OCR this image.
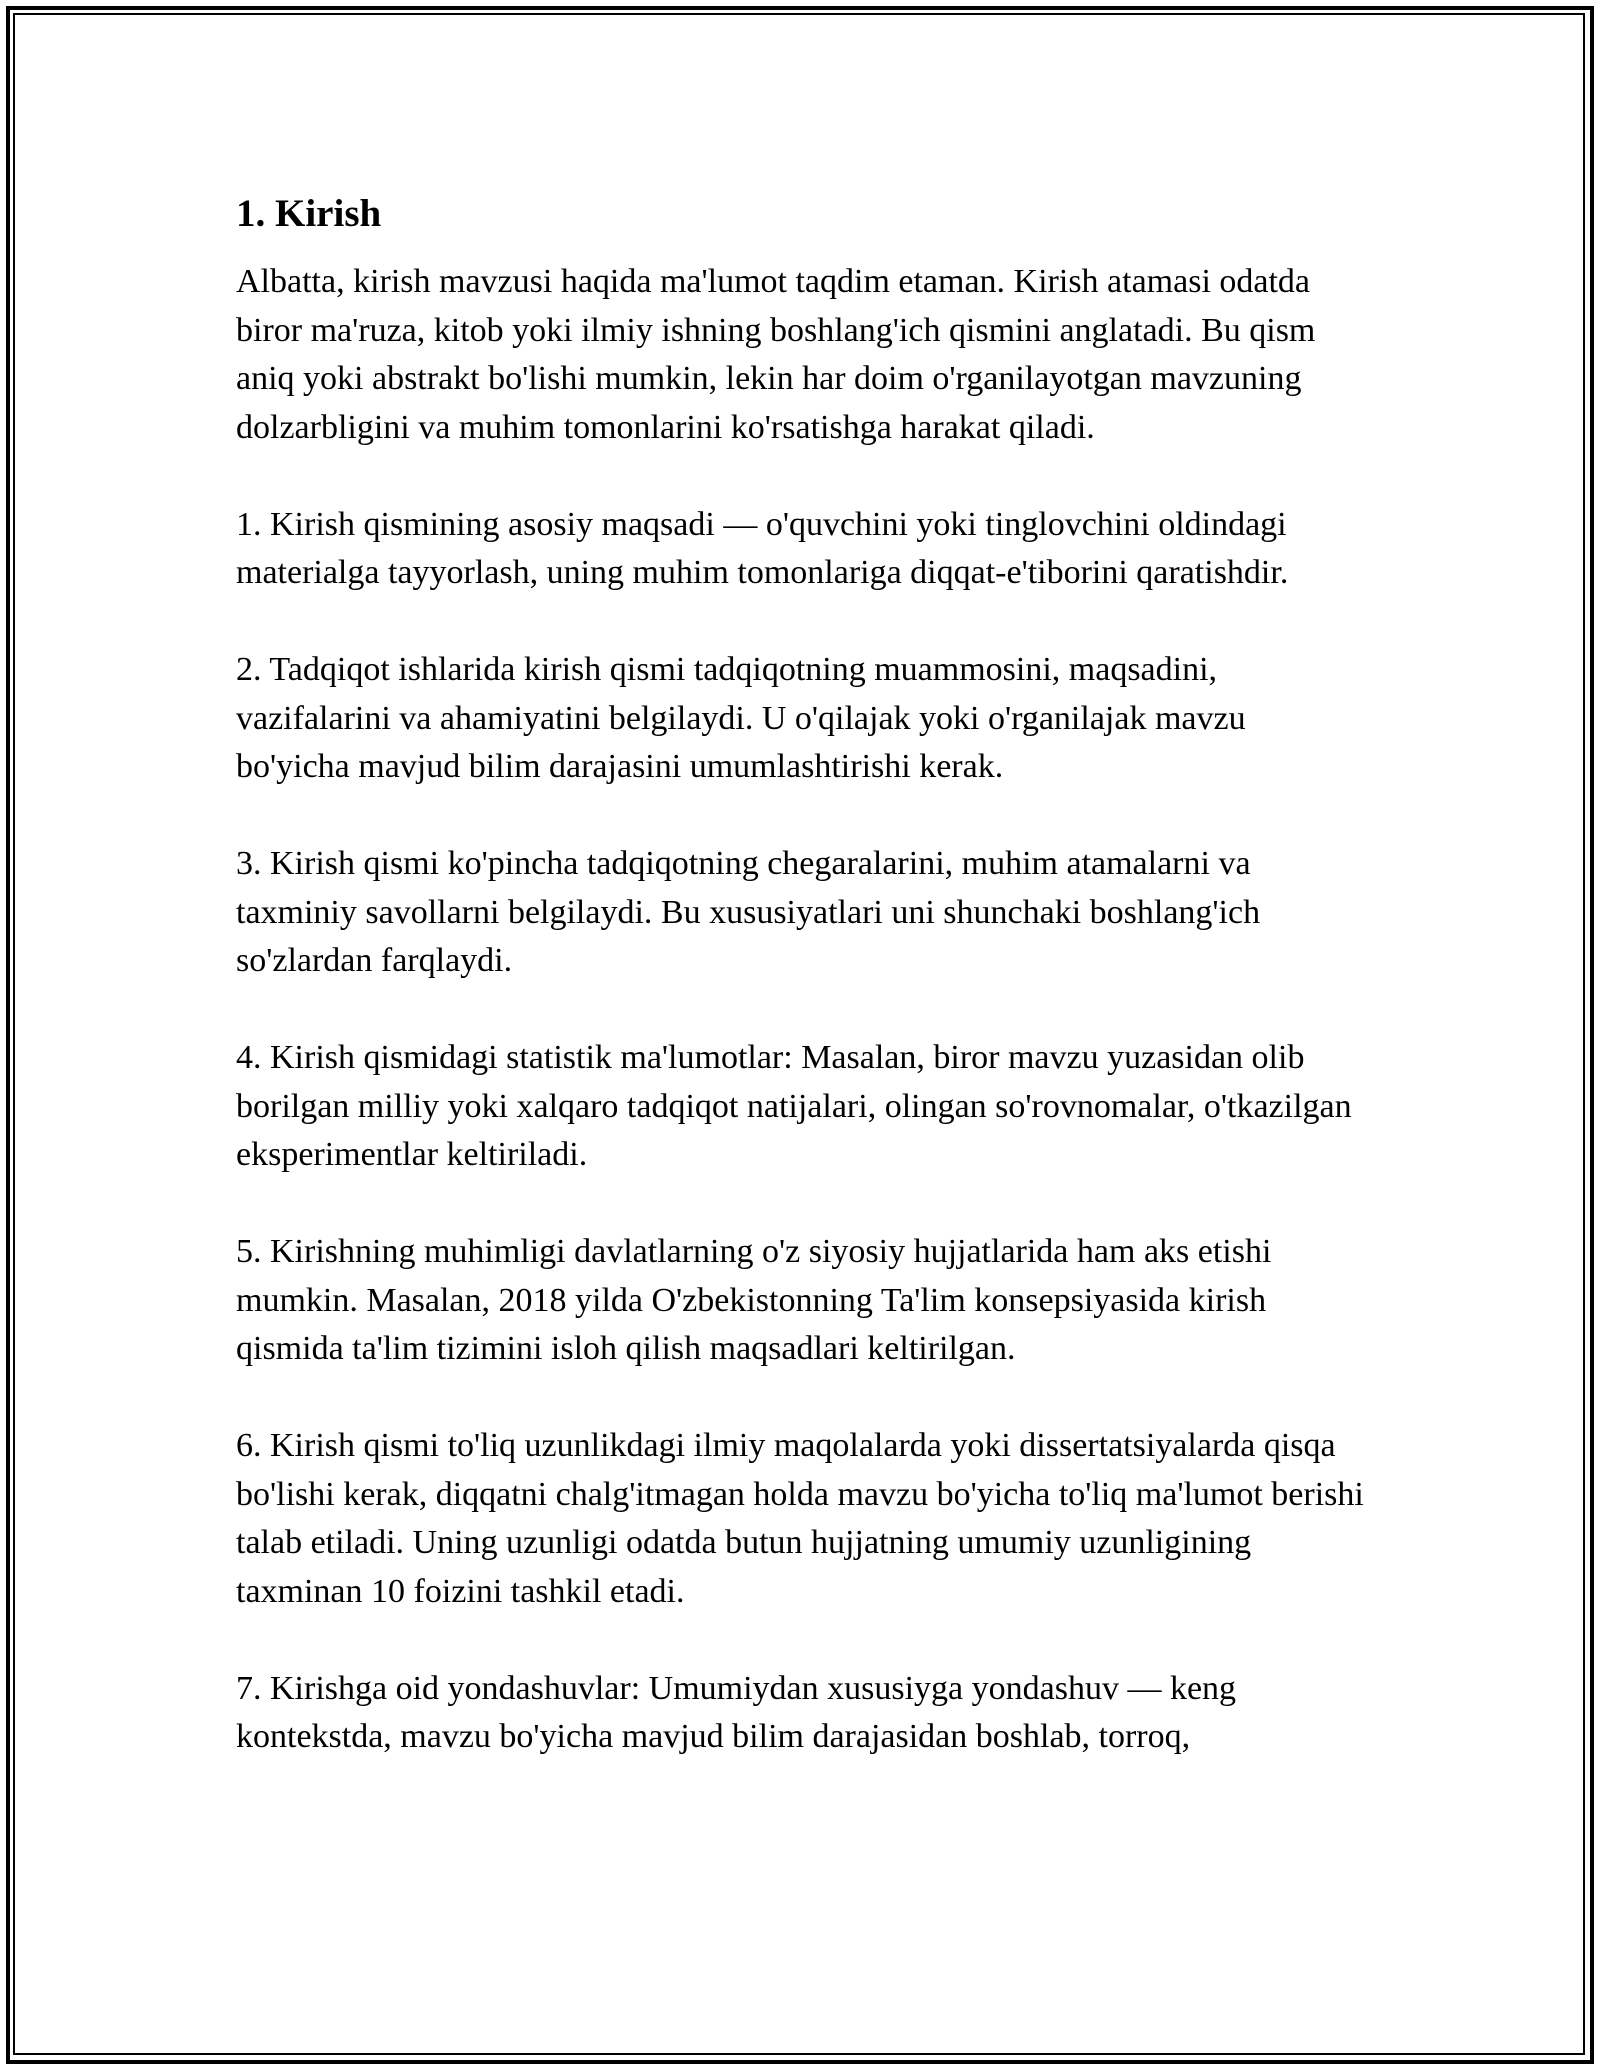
1. Kirish

Albatta, kirish mavzusi haqida ma'lumot taqdim etaman. Kirish atamasi odatda biror ma'ruza, kitob yoki ilmiy ishning boshlang'ich qismini anglatadi. Bu qism aniq yoki abstrakt bo'lishi mumkin, lekin har doim o'rganilayotgan mavzuning dolzarbligini va muhim tomonlarini ko'rsatishga harakat qiladi.

1. Kirish qismining asosiy maqsadi — o'quvchini yoki tinglovchini oldindagi materialga tayyorlash, uning muhim tomonlariga diqqat-e'tiborini qaratishdir.

2. Tadqiqot ishlarida kirish qismi tadqiqotning muammosini, maqsadini, vazifalarini va ahamiyatini belgilaydi. U o'qilajak yoki o'rganilajak mavzu bo'yicha mavjud bilim darajasini umumlashtirishi kerak.

3. Kirish qismi ko'pincha tadqiqotning chegaralarini, muhim atamalarni va taxminiy savollarni belgilaydi. Bu xususiyatlari uni shunchaki boshlang'ich so'zlardan farqlaydi.

4. Kirish qismidagi statistik ma'lumotlar: Masalan, biror mavzu yuzasidan olib borilgan milliy yoki xalqaro tadqiqot natijalari, olingan so'rovnomalar, o'tkazilgan eksperimentlar keltiriladi.

5. Kirishning muhimligi davlatlarning o'z siyosiy hujjatlarida ham aks etishi mumkin. Masalan, 2018 yilda O'zbekistonning Ta'lim konsepsiyasida kirish qismida ta'lim tizimini isloh qilish maqsadlari keltirilgan.

6. Kirish qismi to'liq uzunlikdagi ilmiy maqolalarda yoki dissertatsiyalarda qisqa bo'lishi kerak, diqqatni chalg'itmagan holda mavzu bo'yicha to'liq ma'lumot berishi talab etiladi. Uning uzunligi odatda butun hujjatning umumiy uzunligining taxminan 10 foizini tashkil etadi.

7. Kirishga oid yondashuvlar: Umumiydan xususiyga yondashuv — keng kontekstda, mavzu bo'yicha mavjud bilim darajasidan boshlab, torroq,
